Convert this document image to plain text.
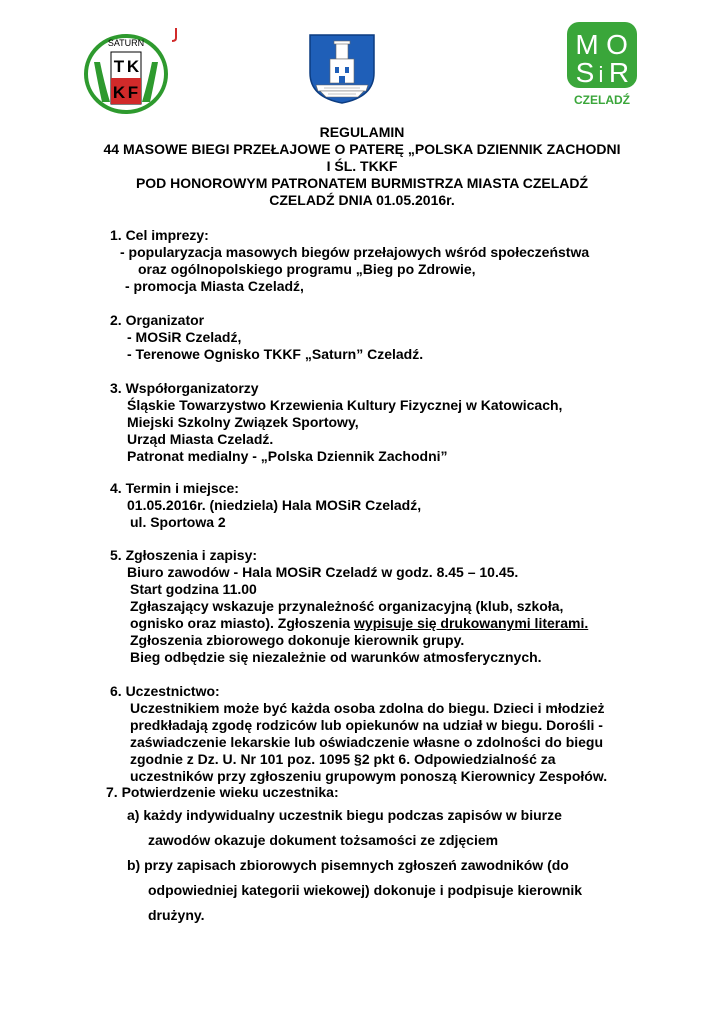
SATURN
T K
K F
M O
S i R
CZELADŹ
REGULAMIN
44 MASOWE BIEGI PRZEŁAJOWE O PATERĘ „POLSKA DZIENNIK ZACHODNI
I ŚL. TKKF
POD HONOROWYM PATRONATEM BURMISTRZA MIASTA CZELADŹ
CZELADŹ DNIA 01.05.2016r.
1. Cel imprezy:
- popularyzacja masowych biegów przełajowych wśród społeczeństwa
oraz ogólnopolskiego programu „Bieg po Zdrowie,
- promocja Miasta Czeladź,
2. Organizator
- MOSiR Czeladź,
- Terenowe Ognisko TKKF „Saturn” Czeladź.
3. Współorganizatorzy
Śląskie Towarzystwo Krzewienia Kultury Fizycznej w Katowicach,
Miejski Szkolny Związek Sportowy,
Urząd Miasta Czeladź.
Patronat medialny - „Polska Dziennik Zachodni”
4. Termin i miejsce:
01.05.2016r. (niedziela) Hala MOSiR Czeladź,
ul. Sportowa 2
5. Zgłoszenia i zapisy:
Biuro zawodów - Hala MOSiR Czeladź w godz. 8.45 – 10.45.
Start godzina 11.00
Zgłaszający wskazuje przynależność organizacyjną (klub, szkoła,
ognisko oraz miasto). Zgłoszenia wypisuje się drukowanymi literami.
Zgłoszenia zbiorowego dokonuje kierownik grupy.
Bieg odbędzie się niezależnie od warunków atmosferycznych.
6. Uczestnictwo:
Uczestnikiem może być każda osoba zdolna do biegu. Dzieci i młodzież
predkładają zgodę rodziców lub opiekunów na udział w biegu. Dorośli -
zaświadczenie lekarskie lub oświadczenie własne o zdolności do biegu
zgodnie z Dz. U. Nr 101 poz. 1095 §2 pkt 6. Odpowiedzialność za
uczestników przy zgłoszeniu grupowym ponoszą Kierownicy Zespołów.
7. Potwierdzenie wieku uczestnika:
a) każdy indywidualny uczestnik biegu podczas zapisów w biurze
zawodów okazuje dokument tożsamości ze zdjęciem
b) przy zapisach zbiorowych pisemnych zgłoszeń zawodników (do
odpowiedniej kategorii wiekowej) dokonuje i podpisuje kierownik
drużyny.
